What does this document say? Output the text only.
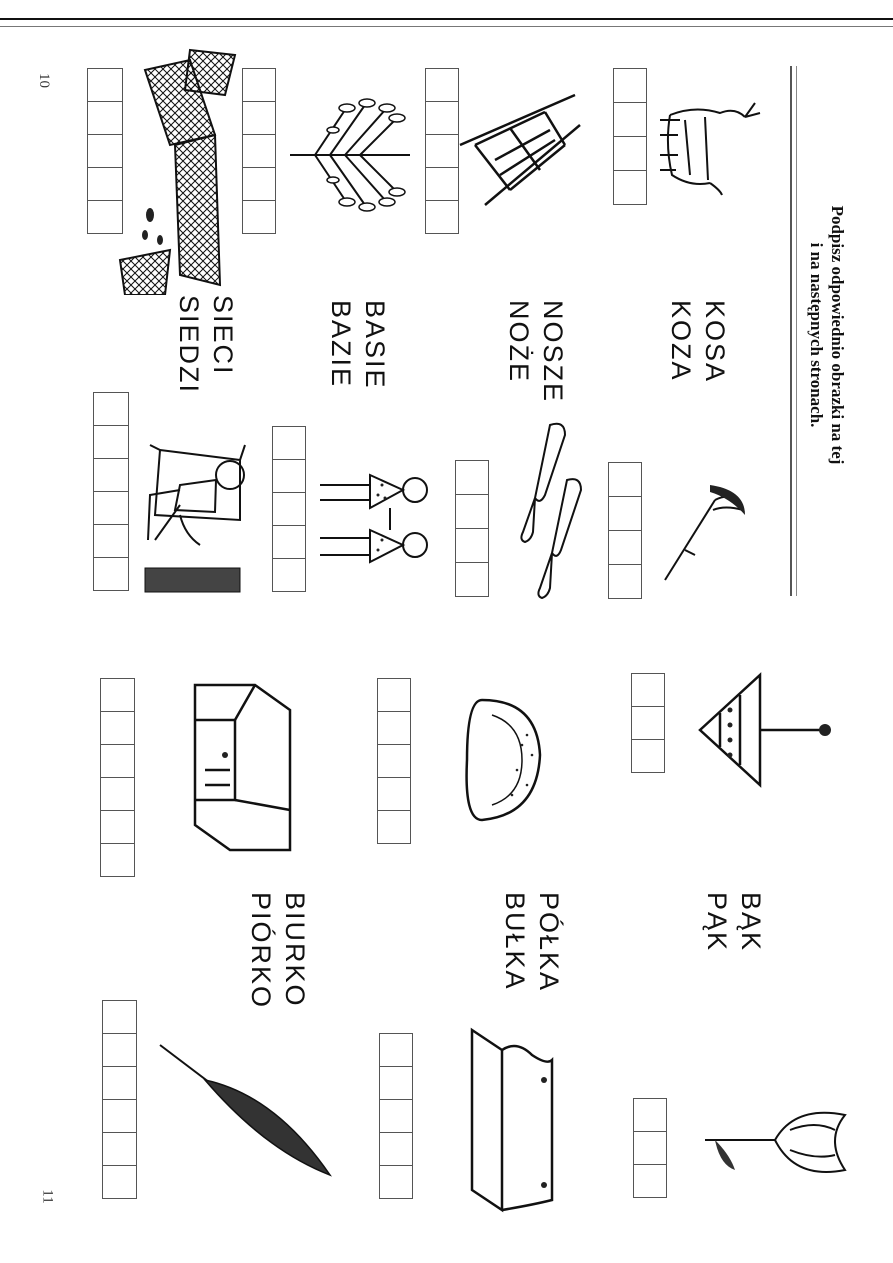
10
11
Podpisz odpowiednio obrazki na tej
i na następnych stronach.
KOSA
KOZA
NOSZE
NOŻE
BASIE
BAZIE
SIECI
SIEDZI
BĄK
PĄK
PÓŁKA
BUŁKA
BIURKO
PIÓRKO
